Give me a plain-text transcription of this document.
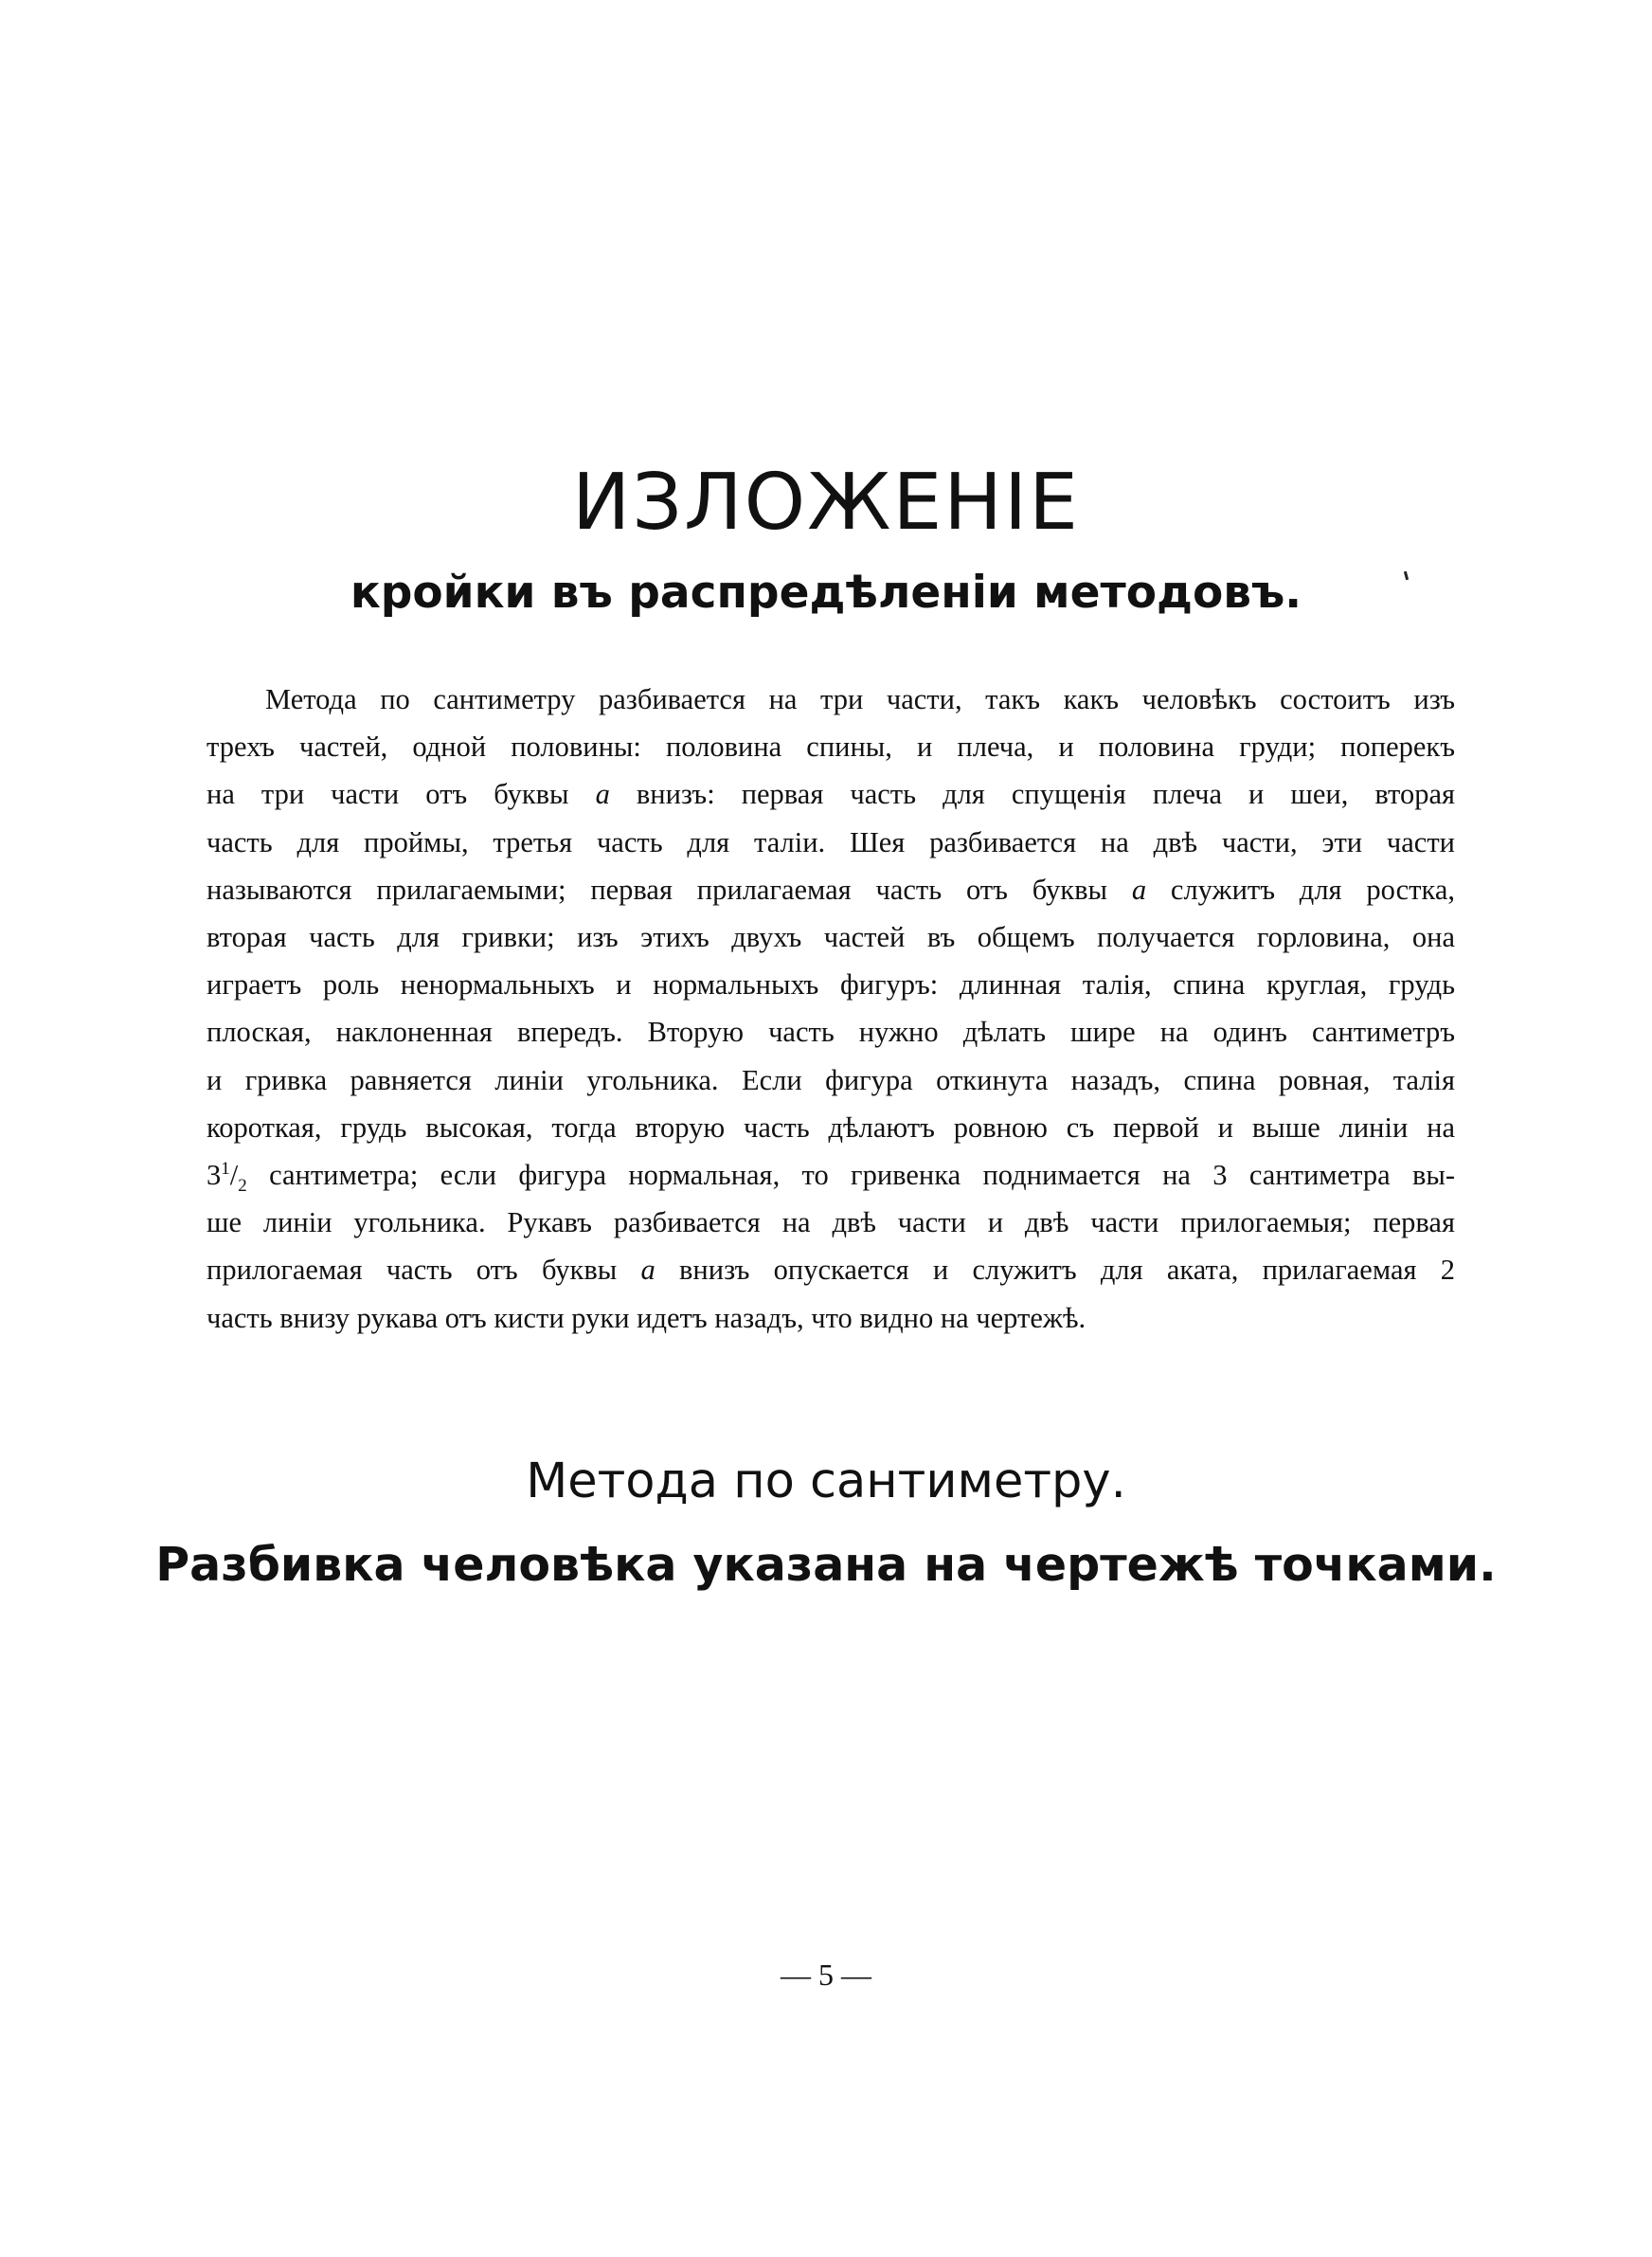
ИЗЛОЖЕНІЕ
кройки въ распредѣленіи методовъ.

Метода по сантиметру разбивается на три части, такъ какъ человѣкъ состоитъ изъ
трехъ частей, одной половины: половина спины, и плеча, и половина груди; поперекъ
на три части отъ буквы а внизъ: первая часть для спущенія плеча и шеи, вторая
часть для проймы, третья часть для таліи. Шея разбивается на двѣ части, эти части
называются прилагаемыми; первая прилагаемая часть отъ буквы а служитъ для ростка,
вторая часть для гривки; изъ этихъ двухъ частей въ общемъ получается горловина, она
играетъ роль ненормальныхъ и нормальныхъ фигуръ: длинная талія, спина круглая, грудь
плоская, наклоненная впередъ. Вторую часть нужно дѣлать шире на одинъ сантиметръ
и гривка равняется линіи угольника. Если фигура откинута назадъ, спина ровная, талія
короткая, грудь высокая, тогда вторую часть дѣлаютъ ровною съ первой и выше линіи на
$3^1/_2$ сантиметра; если фигура нормальная, то гривенка поднимается на 3 сантиметра вы-
ше линіи угольника. Рукавъ разбивается на двѣ части и двѣ части прилогаемыя; первая
прилогаемая часть отъ буквы а внизъ опускается и служитъ для аката, прилагаемая 2
часть внизу рукава отъ кисти руки идетъ назадъ, что видно на чертежѣ.

Метода по сантиметру.
Разбивка человѣка указана на чертежѣ точками.
— 5 —
